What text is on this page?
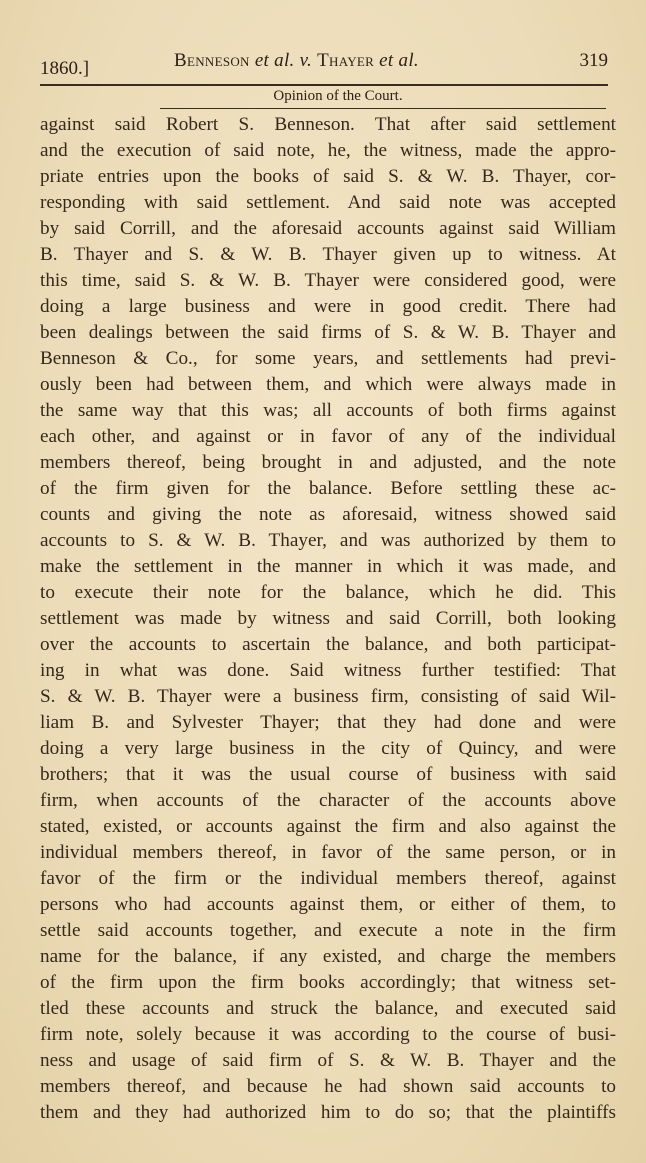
1860.]	Benneson et al. v. Thayer et al.	319
Opinion of the Court.
against said Robert S. Benneson. That after said settlement
and the execution of said note, he, the witness, made the appro-
priate entries upon the books of said S. & W. B. Thayer, cor-
responding with said settlement. And said note was accepted
by said Corrill, and the aforesaid accounts against said William
B. Thayer and S. & W. B. Thayer given up to witness. At
this time, said S. & W. B. Thayer were considered good, were
doing a large business and were in good credit. There had
been dealings between the said firms of S. & W. B. Thayer and
Benneson & Co., for some years, and settlements had previ-
ously been had between them, and which were always made in
the same way that this was; all accounts of both firms against
each other, and against or in favor of any of the individual
members thereof, being brought in and adjusted, and the note
of the firm given for the balance. Before settling these ac-
counts and giving the note as aforesaid, witness showed said
accounts to S. & W. B. Thayer, and was authorized by them to
make the settlement in the manner in which it was made, and
to execute their note for the balance, which he did. This
settlement was made by witness and said Corrill, both looking
over the accounts to ascertain the balance, and both participat-
ing in what was done. Said witness further testified: That
S. & W. B. Thayer were a business firm, consisting of said Wil-
liam B. and Sylvester Thayer; that they had done and were
doing a very large business in the city of Quincy, and were
brothers; that it was the usual course of business with said
firm, when accounts of the character of the accounts above
stated, existed, or accounts against the firm and also against the
individual members thereof, in favor of the same person, or in
favor of the firm or the individual members thereof, against
persons who had accounts against them, or either of them, to
settle said accounts together, and execute a note in the firm
name for the balance, if any existed, and charge the members
of the firm upon the firm books accordingly; that witness set-
tled these accounts and struck the balance, and executed said
firm note, solely because it was according to the course of busi-
ness and usage of said firm of S. & W. B. Thayer and the
members thereof, and because he had shown said accounts to
them and they had authorized him to do so; that the plaintiffs
